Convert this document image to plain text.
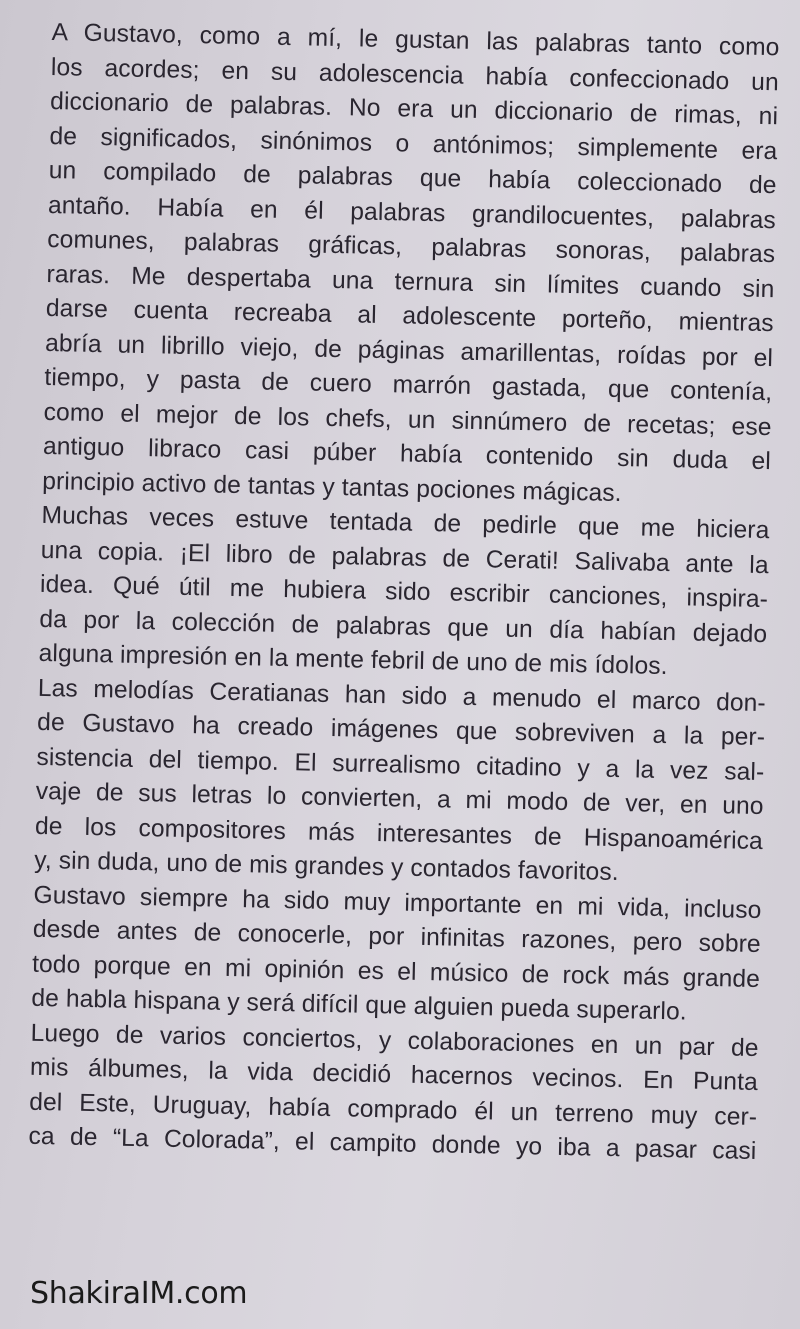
A Gustavo, como a mí, le gustan las palabras tanto como
los acordes; en su adolescencia había confeccionado un
diccionario de palabras. No era un diccionario de rimas, ni
de significados, sinónimos o antónimos; simplemente era
un compilado de palabras que había coleccionado de
antaño. Había en él palabras grandilocuentes, palabras
comunes, palabras gráficas, palabras sonoras, palabras
raras. Me despertaba una ternura sin límites cuando sin
darse cuenta recreaba al adolescente porteño, mientras
abría un librillo viejo, de páginas amarillentas, roídas por el
tiempo, y pasta de cuero marrón gastada, que contenía,
como el mejor de los chefs, un sinnúmero de recetas; ese
antiguo libraco casi púber había contenido sin duda el
principio activo de tantas y tantas pociones mágicas.
Muchas veces estuve tentada de pedirle que me hiciera
una copia. ¡El libro de palabras de Cerati! Salivaba ante la
idea. Qué útil me hubiera sido escribir canciones, inspira-
da por la colección de palabras que un día habían dejado
alguna impresión en la mente febril de uno de mis ídolos.
Las melodías Ceratianas han sido a menudo el marco don-
de Gustavo ha creado imágenes que sobreviven a la per-
sistencia del tiempo. El surrealismo citadino y a la vez sal-
vaje de sus letras lo convierten, a mi modo de ver, en uno
de los compositores más interesantes de Hispanoamérica
y, sin duda, uno de mis grandes y contados favoritos.
Gustavo siempre ha sido muy importante en mi vida, incluso
desde antes de conocerle, por infinitas razones, pero sobre
todo porque en mi opinión es el músico de rock más grande
de habla hispana y será difícil que alguien pueda superarlo.
Luego de varios conciertos, y colaboraciones en un par de
mis álbumes, la vida decidió hacernos vecinos. En Punta
del Este, Uruguay, había comprado él un terreno muy cer-
ca de “La Colorada”, el campito donde yo iba a pasar casi
ShakiraIM.com
